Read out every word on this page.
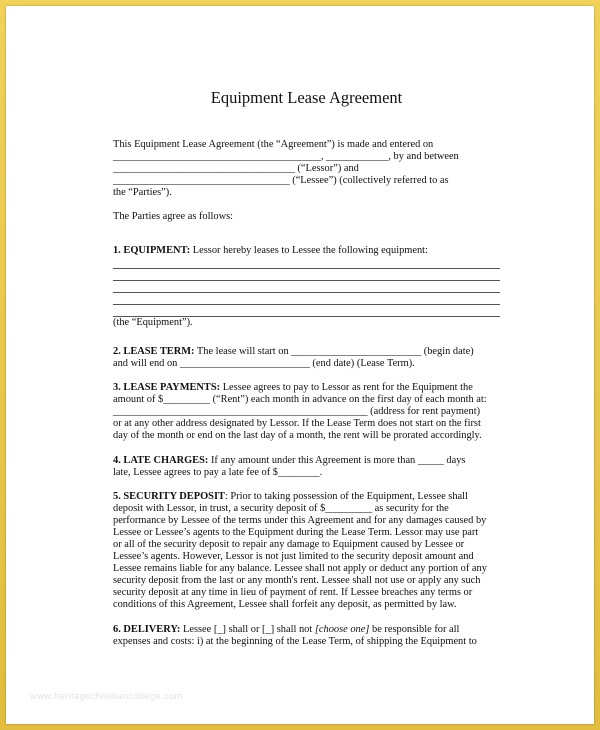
Equipment Lease Agreement
This Equipment Lease Agreement (the “Agreement”) is made and entered on
________________________________________, ____________, by and between
___________________________________ (“Lessor”) and
__________________________________ (“Lessee”) (collectively referred to as
the “Parties”).
The Parties agree as follows:
1. EQUIPMENT: Lessor hereby leases to Lessee the following equipment:
(the “Equipment”).
2. LEASE TERM: The lease will start on _________________________ (begin date)
and will end on _________________________ (end date) (Lease Term).
3. LEASE PAYMENTS: Lessee agrees to pay to Lessor as rent for the Equipment the
amount of $_________ (“Rent”) each month in advance on the first day of each month at:
_________________________________________________ (address for rent payment)
or at any other address designated by Lessor. If the Lease Term does not start on the first
day of the month or end on the last day of a month, the rent will be prorated accordingly.
4. LATE CHARGES: If any amount under this Agreement is more than _____ days
late, Lessee agrees to pay a late fee of $________.
5. SECURITY DEPOSIT: Prior to taking possession of the Equipment, Lessee shall
deposit with Lessor, in trust, a security deposit of $_________ as security for the
performance by Lessee of the terms under this Agreement and for any damages caused by
Lessee or Lessee’s agents to the Equipment during the Lease Term. Lessor may use part
or all of the security deposit to repair any damage to Equipment caused by Lessee or
Lessee’s agents. However, Lessor is not just limited to the security deposit amount and
Lessee remains liable for any balance. Lessee shall not apply or deduct any portion of any
security deposit from the last or any month's rent. Lessee shall not use or apply any such
security deposit at any time in lieu of payment of rent. If Lessee breaches any terms or
conditions of this Agreement, Lessee shall forfeit any deposit, as permitted by law.
6. DELIVERY: Lessee [_] shall or [_] shall not [choose one] be responsible for all
expenses and costs: i) at the beginning of the Lease Term, of shipping the Equipment to
www.heritagechristiancollege.com
